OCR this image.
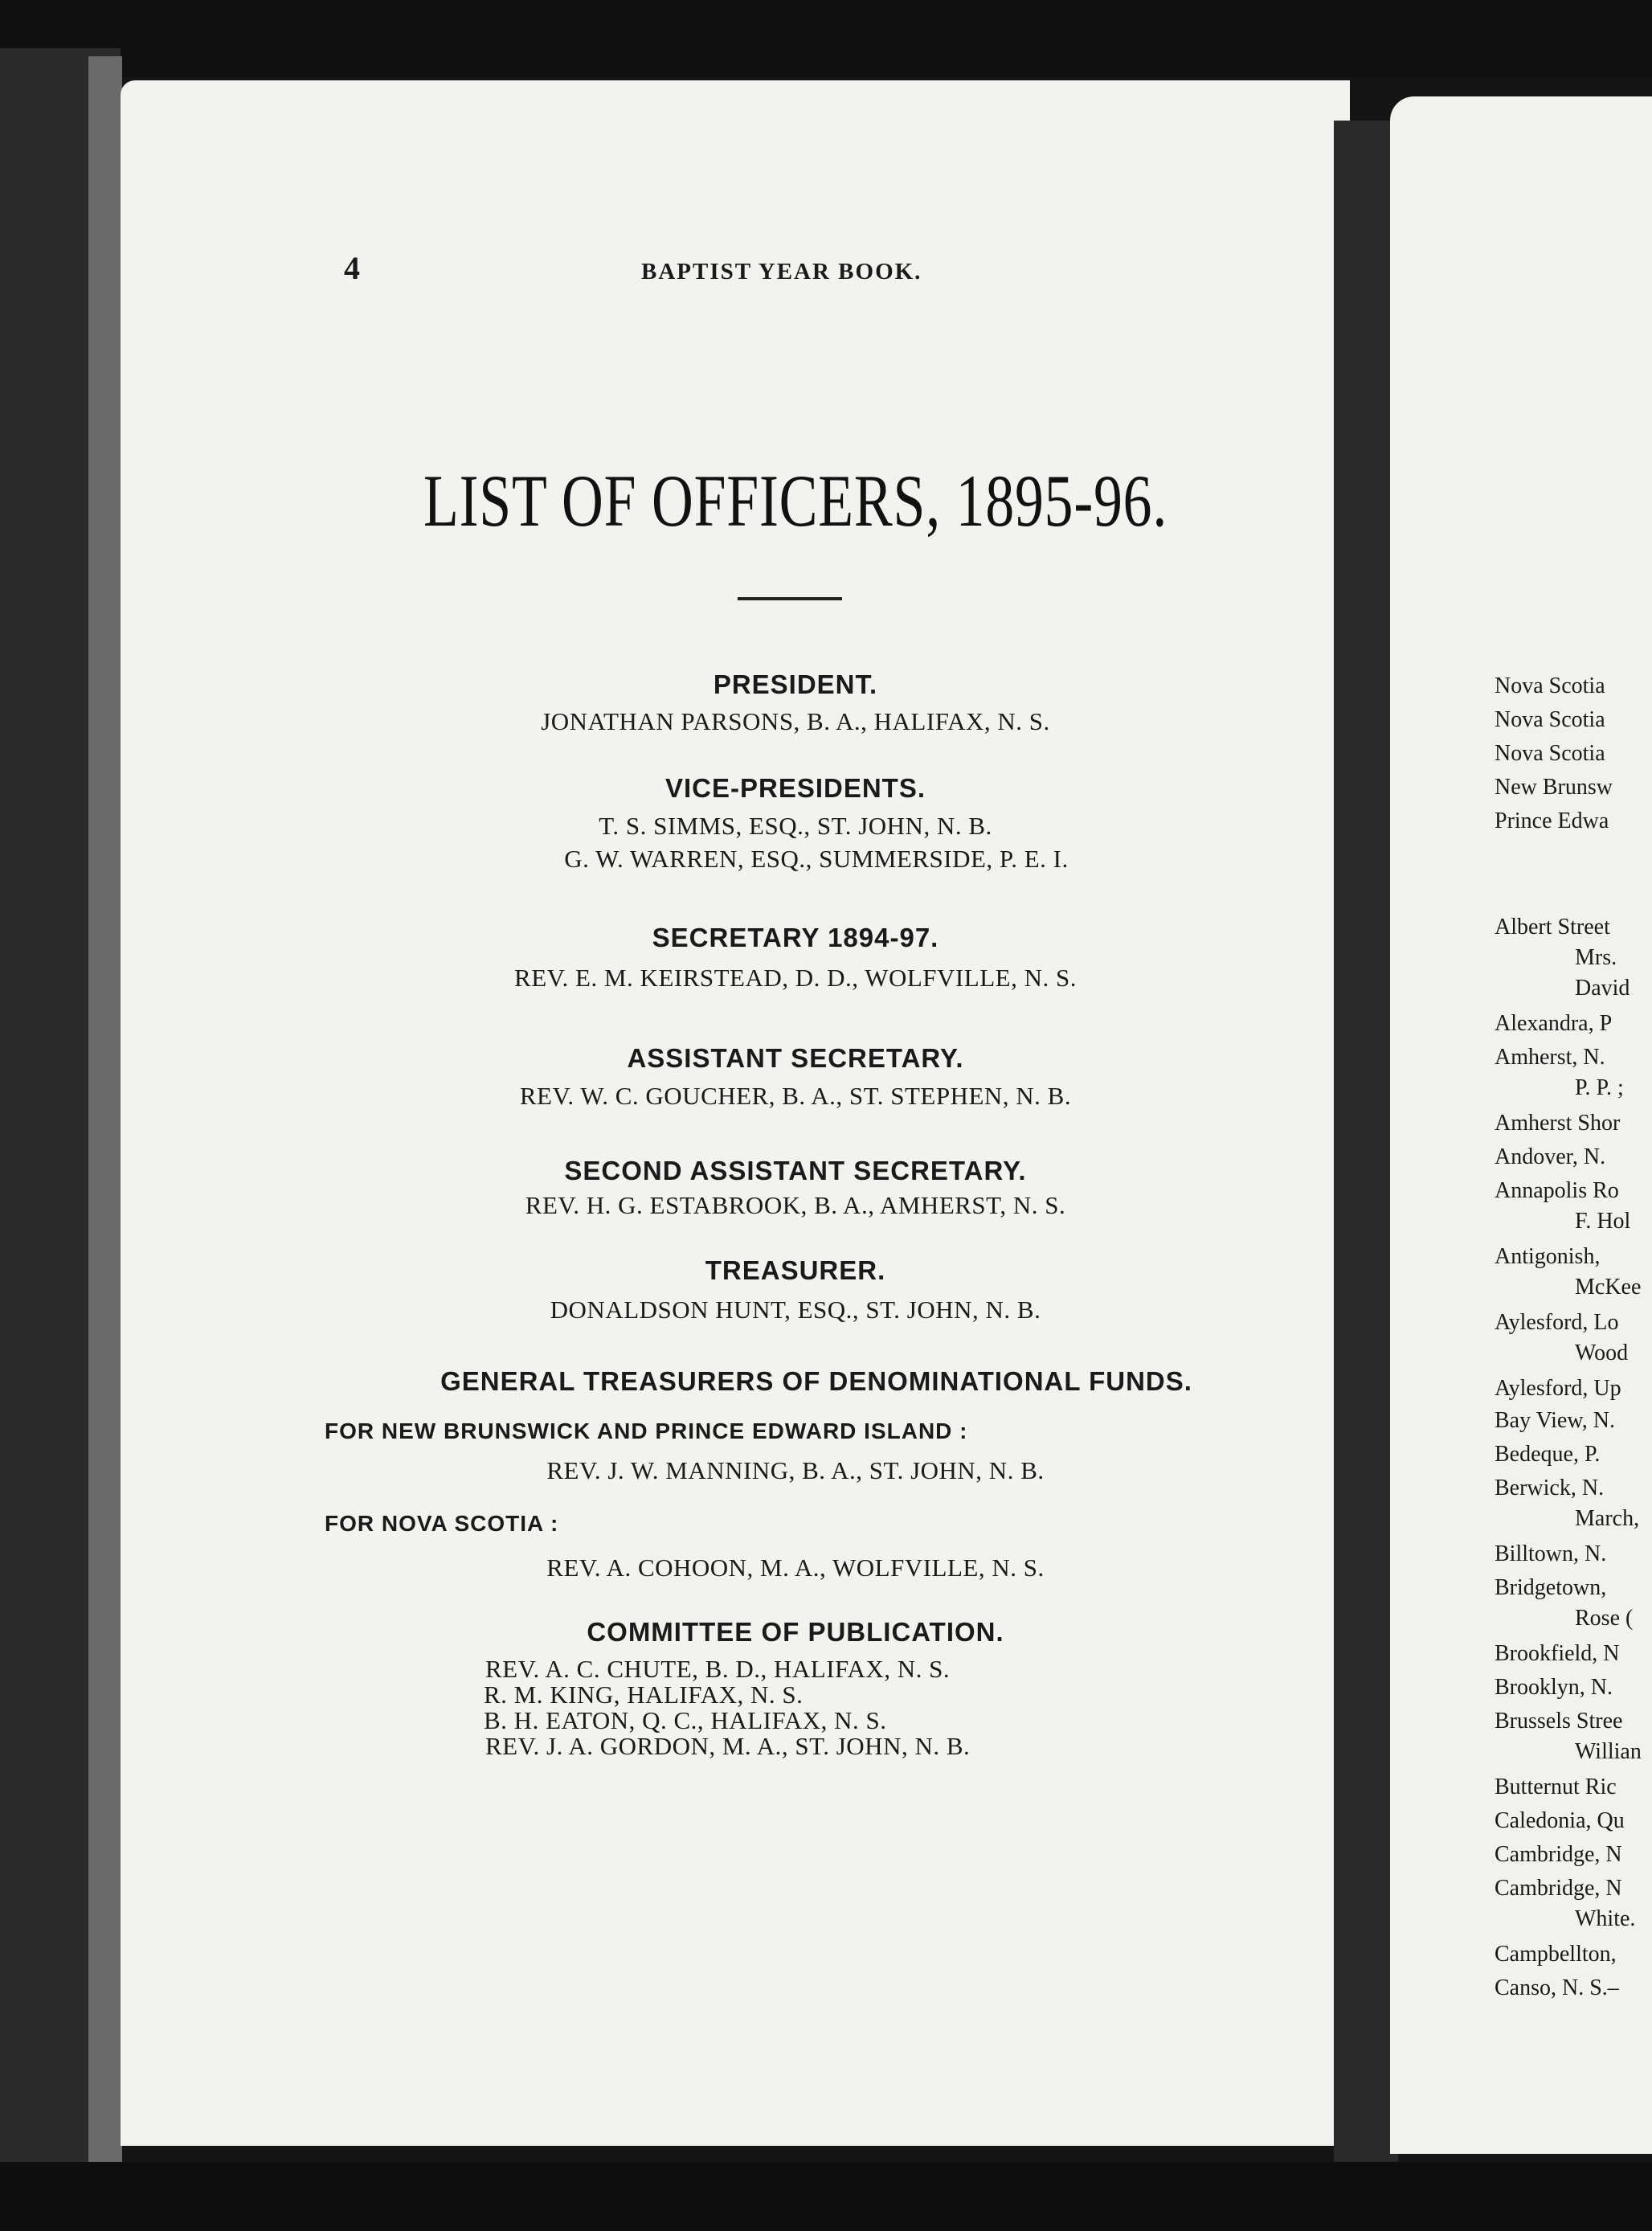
4	BAPTIST YEAR BOOK.
LIST OF OFFICERS, 1895-96.
PRESIDENT.
JONATHAN PARSONS, B. A., HALIFAX, N. S.
VICE-PRESIDENTS.
T. S. SIMMS, ESQ., ST. JOHN, N. B.
G. W. WARREN, ESQ., SUMMERSIDE, P. E. I.
SECRETARY 1894-97.
REV. E. M. KEIRSTEAD, D. D., WOLFVILLE, N. S.
ASSISTANT SECRETARY.
REV. W. C. GOUCHER, B. A., ST. STEPHEN, N. B.
SECOND ASSISTANT SECRETARY.
REV. H. G. ESTABROOK, B. A., AMHERST, N. S.
TREASURER.
DONALDSON HUNT, ESQ., ST. JOHN, N. B.
GENERAL TREASURERS OF DENOMINATIONAL FUNDS.
FOR NEW BRUNSWICK AND PRINCE EDWARD ISLAND :
REV. J. W. MANNING, B. A., ST. JOHN, N. B.
FOR NOVA SCOTIA :
REV. A. COHOON, M. A., WOLFVILLE, N. S.
COMMITTEE OF PUBLICATION.
REV. A. C. CHUTE, B. D., HALIFAX, N. S.
R. M. KING, HALIFAX, N. S.
B. H. EATON, Q. C., HALIFAX, N. S.
REV. J. A. GORDON, M. A., ST. JOHN, N. B.
Nova Scotia
Nova Scotia
Nova Scotia
New Brunsw
Prince Edwa
Albert Street
Mrs.
David
Alexandra, P
Amherst, N.
P. P. ;
Amherst Shor
Andover, N.
Annapolis Ro
F. Hol
Antigonish,
McKee
Aylesford, Lo
Wood
Aylesford, Up
Bay View, N.
Bedeque, P.
Berwick, N.
March,
Billtown, N.
Bridgetown,
Rose (
Brookfield, N
Brooklyn, N.
Brussels Stree
Willian
Butternut Ric
Caledonia, Qu
Cambridge, N
Cambridge, N
White.
Campbellton,
Canso, N. S.–
